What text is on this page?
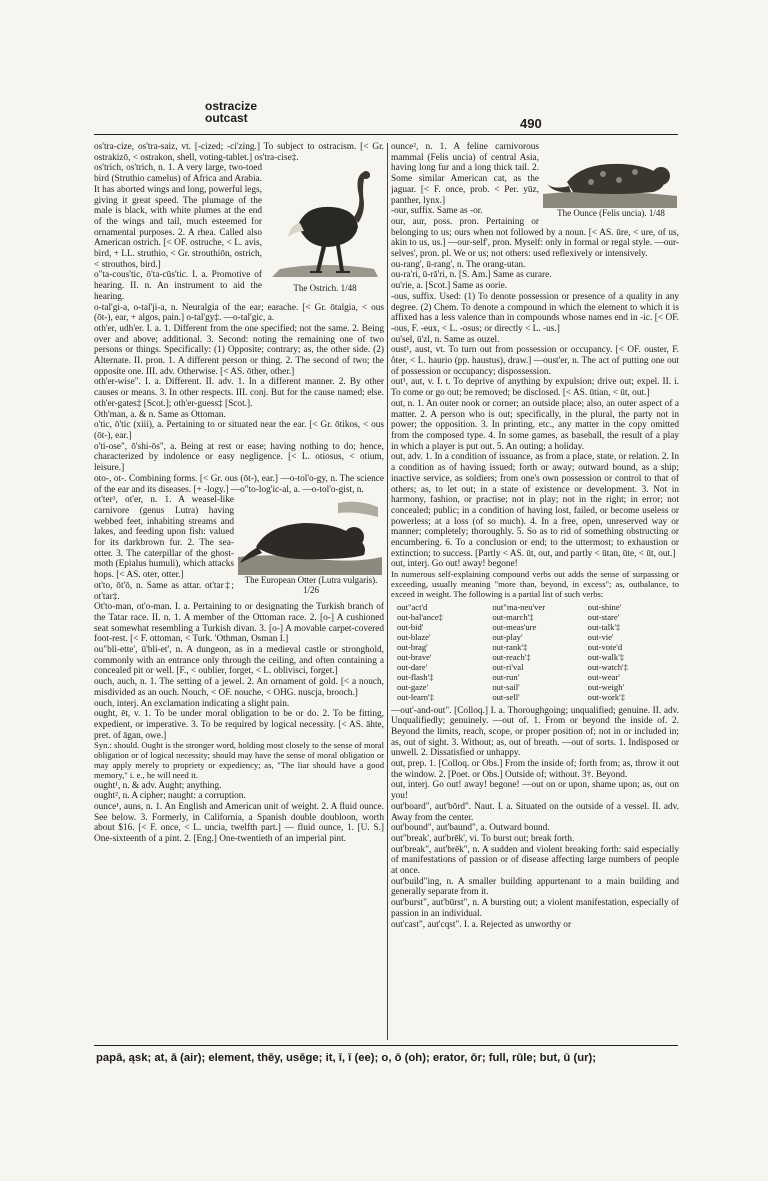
ostracize
outcast	490

os'tra-cize, os'tra-saiz, vt. [-cized; -ci'zing.] To subject to ostracism. [< Gr. ostrakizō, < ostrakon, shell, voting-tablet.] os'tra-cise‡.

The Ostrich. 1/48

os'trich, os'trich, n. 1. A very large, two-toed bird (Struthio camelus) of Africa and Arabia. It has aborted wings and long, powerful legs, giving it great speed. The plumage of the male is black, with white plumes at the end of the wings and tail, much esteemed for ornamental purposes. 2. A rhea. Called also American ostrich. [< OF. ostruche, < L. avis, bird, + LL. struthio, < Gr. strouthíōn, ostrich, < strouthos, bird.]

o"ta-cous'tic, ō'ta-cūs'tic. I. a. Promotive of hearing. II. n. An instrument to aid the hearing.

o-tal'gi-a, o-tal'ji-a, n. Neuralgia of the ear; earache. [< Gr. ōtalgia, < ous (ōt-), ear, + algos, pain.] o-tal'gy‡. —o-tal'gic, a.

oth'er, udh'er. I. a. 1. Different from the one specified; not the same. 2. Being over and above; additional. 3. Second: noting the remaining one of two persons or things. Specifically: (1) Opposite; contrary; as, the other side. (2) Alternate. II. pron. 1. A different person or thing. 2. The second of two; the opposite one. III. adv. Otherwise. [< AS. ōther, other.]

oth'er-wise". I. a. Different. II. adv. 1. In a different manner. 2. By other causes or means. 3. In other respects. III. conj. But for the cause named; else. oth'er-gates‡ [Scot.]; oth'er-guess‡ [Scot.].

Oth'man, a. & n. Same as Ottoman.

o'tic, ō'tic (xiii), a. Pertaining to or situated near the ear. [< Gr. ōtikos, < ous (ōt-), ear.]

o'ti-ose", ō'shi-ōs", a. Being at rest or ease; having nothing to do; hence, characterized by indolence or easy negligence. [< L. otiosus, < otium, leisure.]

oto-, ot-. Combining forms. [< Gr. ous (ōt-), ear.] —o-tol'o-gy, n. The science of the ear and its diseases. [+ -logy.] —o"to-log'ic-al, a. —o-tol'o-gist, n.

The European Otter (Lutra vulgaris). 1/26

ot'ter¹, ot'er, n. 1. A weasel-like carnivore (genus Lutra) having webbed feet, inhabiting streams and lakes, and feeding upon fish: valued for its darkbrown fur. 2. The sea-otter. 3. The caterpillar of the ghost-moth (Epialus humuli), which attacks hops. [< AS. oter, otter.]

ot'to, ōt'ō, n. Same as attar. ot'tar‡; ot'tar‡.

Ot'to-man, ot'o-man. I. a. Pertaining to or designating the Turkish branch of the Tatar race. II. n. 1. A member of the Ottoman race. 2. [o-] A cushioned seat somewhat resembling a Turkish divan. 3. [o-] A movable carpet-covered foot-rest. [< F. ottoman, < Turk. 'Othman, Osman I.]

ou"bli-ette', ū'bli-et', n. A dungeon, as in a medieval castle or stronghold, commonly with an entrance only through the ceiling, and often containing a concealed pit or well. [F., < oublier, forget, < L. oblivisci, forget.]

ouch, auch, n. 1. The setting of a jewel. 2. An ornament of gold. [< a nouch, misdivided as an ouch. Nouch, < OF. nouche, < OHG. nuscja, brooch.]

ouch, interj. An exclamation indicating a slight pain.

ought, ēt, v. 1. To be under moral obligation to be or do. 2. To be fitting, expedient, or imperative. 3. To be required by logical necessity. [< AS. āhte, pret. of āgan, owe.]

Syn.: should. Ought is the stronger word, holding most closely to the sense of moral obligation or of logical necessity; should may have the sense of moral obligation or may apply merely to propriety or expediency; as, "The liar should have a good memory," i. e., he will need it.

ought¹, n. & adv. Aught; anything.

ought², n. A cipher; naught: a corruption.

ounce¹, auns, n. 1. An English and American unit of weight. 2. A fluid ounce. See below. 3. Formerly, in California, a Spanish double doubloon, worth about $16. [< F. once, < L. uncia, twelfth part.] — fluid ounce, 1. [U. S.] One-sixteenth of a pint. 2. [Eng.] One-twentieth of an imperial pint.

The Ounce (Felis uncia). 1/48

ounce², n. 1. A feline carnivorous mammal (Felis uncia) of central Asia, having long fur and a long thick tail. 2. Some similar American cat, as the jaguar. [< F. once, prob. < Per. yūz, panther, lynx.]

-our, suffix. Same as -or.

our, aur, poss. pron. Pertaining or belonging to us; ours when not followed by a noun. [< AS. ūre, < ure, of us, akin to us, us.] —our-self', pron. Myself: only in formal or regal style. —our-selves', pron. pl. We or us; not others: used reflexively or intensively.

ou-rang', ū-rang', n. The orang-utan.

ou-ra'ri, ū-rā'ri, n. [S. Am.] Same as curare.

ou'rie, a. [Scot.] Same as oorie.

-ous, suffix. Used: (1) To denote possession or presence of a quality in any degree. (2) Chem. To denote a compound in which the element to which it is affixed has a less valence than in compounds whose names end in -ic. [< OF. -ous, F. -eux, < L. -osus; or directly < L. -us.]

ou'sel, ū'zl, n. Same as ouzel.

oust¹, aust, vt. To turn out from possession or occupancy. [< OF. ouster, F. ôter, < L. haurio (pp. haustus), draw.] —oust'er, n. The act of putting one out of possession or occupancy; dispossession.

out¹, aut, v. I. t. To deprive of anything by expulsion; drive out; expel. II. i. To come or go out; be removed; be disclosed. [< AS. ūtian, < ūt, out.]

out, n. 1. An outer nook or corner; an outside place; also, an outer aspect of a matter. 2. A person who is out; specifically, in the plural, the party not in power; the opposition. 3. In printing, etc., any matter in the copy omitted from the composed type. 4. In some games, as baseball, the result of a play in which a player is put out. 5. An outing; a holiday.

out, adv. 1. In a condition of issuance, as from a place, state, or relation. 2. In a condition as of having issued; forth or away; outward bound, as a ship; inactive service, as soldiers; from one's own possession or control to that of others; as, to let out; in a state of existence or development. 3. Not in harmony, fashion, or practise; not in play; not in the right; in error; not concealed; public; in a condition of having lost, failed, or become useless or powerless; at a loss (of so much). 4. In a free, open, unreserved way or manner; completely; thoroughly. 5. So as to rid of something obstructing or encumbering. 6. To a conclusion or end; to the uttermost; to exhaustion or extinction; to success. [Partly < AS. ūt, out, and partly < ūtan, ūte, < ūt, out.]

out, interj. Go out! away! begone!

In numerous self-explaining compound verbs out adds the sense of surpassing or exceeding, usually meaning "more than, beyond, in excess"; as, outbalance, to exceed in weight. The following is a partial list of such verbs:

out"act'd	out"ma-neu'ver	out-shine'
out-bal'ance‡	out-march'‡	out-stare'
out-bid'	out-meas'ure	out-talk'‡
out-blaze'	out-play'	out-vie'
out-brag'	out-rank'‡	out-vote'd
out-brave'	out-reach'‡	out-walk'‡
out-dare'	out-ri'val	out-watch'‡
out-flash'‡	out-run'	out-wear'
out-gaze'	out-sail'	out-weigh'
out-learn'‡	out-sell'	out-work'‡

—out'-and-out". [Colloq.] I. a. Thoroughgoing; unqualified; genuine. II. adv. Unqualifiedly; genuinely. —out of. 1. From or beyond the inside of. 2. Beyond the limits, reach, scope, or proper position of; not in or included in; as, out of sight. 3. Without; as, out of breath. —out of sorts. 1. Indisposed or unwell. 2. Dissatisfied or unhappy.

out, prep. 1. [Colloq. or Obs.] From the inside of; forth from; as, throw it out the window. 2. [Poet. or Obs.] Outside of; without. 3†. Beyond.

out, interj. Go out! away! begone! —out on or upon, shame upon; as, out on you!

out'board", aut'bōrd". Naut. I. a. Situated on the outside of a vessel. II. adv. Away from the center.

out'bound", aut'baund", a. Outward bound.

out"break', aut'brēk', vi. To burst out; break forth.

out'break", aut'brēk", n. A sudden and violent breaking forth: said especially of manifestations of passion or of disease affecting large numbers of people at once.

out'build"ing, n. A smaller building appurtenant to a main building and generally separate from it.

out'burst", aut'būrst", n. A bursting out; a violent manifestation, especially of passion in an individual.

out'cast", aut'cqst". I. a. Rejected as unworthy or

papā, ąsk; at, ā (air); element, thēy, usēge; it, ī, ī (ee); o, ō (oh); erator, ōr; full, rūle; but, ū (ur);
